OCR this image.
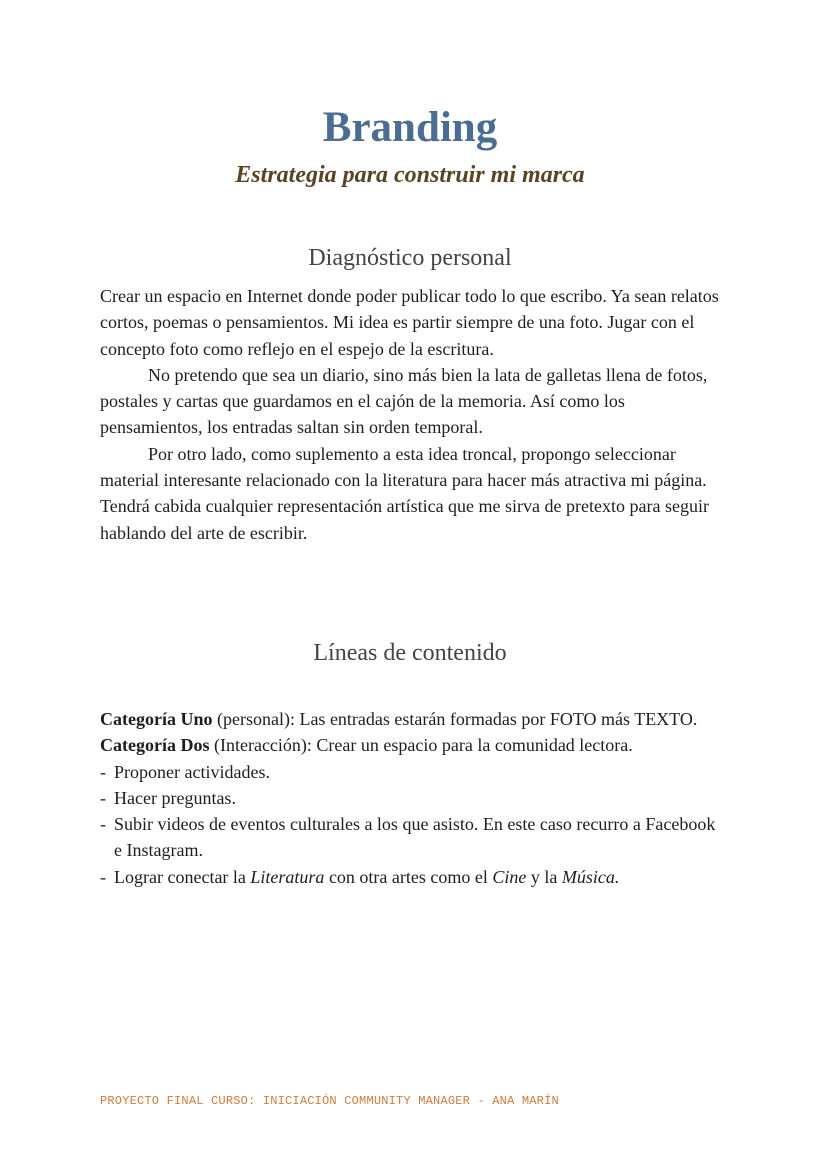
Branding
Estrategia para construir mi marca
Diagnóstico personal

Crear un espacio en Internet donde poder publicar todo lo que escribo. Ya sean relatos cortos, poemas o pensamientos. Mi idea es partir siempre de una foto. Jugar con el concepto foto como reflejo en el espejo de la escritura.

No pretendo que sea un diario, sino más bien la lata de galletas llena de fotos, postales y cartas que guardamos en el cajón de la memoria. Así como los pensamientos, los entradas saltan sin orden temporal.

Por otro lado, como suplemento a esta idea troncal, propongo seleccionar material interesante relacionado con la literatura para hacer más atractiva mi página. Tendrá cabida cualquier representación artística que me sirva de pretexto para seguir hablando del arte de escribir.

Líneas de contenido

Categoría Uno (personal): Las entradas estarán formadas por FOTO más TEXTO.

Categoría Dos (Interacción): Crear un espacio para la comunidad lectora.

- Proponer actividades.
- Hacer preguntas.
- Subir videos de eventos culturales a los que asisto. En este caso recurro a Facebook e Instagram.
- Lograr conectar la Literatura con otra artes como el Cine y la Música.

PROYECTO FINAL CURSO: INICIACIÓN COMMUNITY MANAGER - ANA MARÍN
